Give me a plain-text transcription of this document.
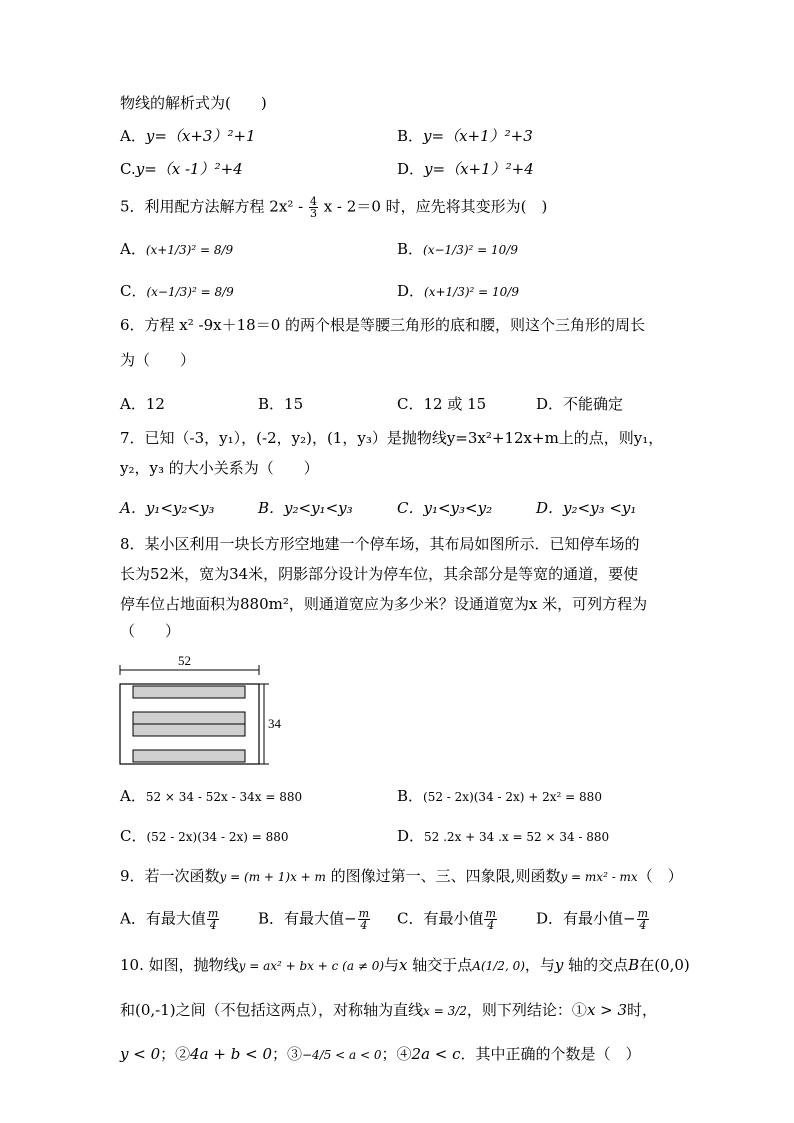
物线的解析式为(　　)
A．y=（x+3）²+1	B．y=（x+1）²+3
C.y=（x -1）²+4	D．y=（x+1）²+4
5．利用配方法解方程 $2x^2 - \frac{4}{3}$ x - 2＝0 时，应先将其变形为(　)
A．(x+1/3)² = 8/9	B．(x−1/3)² = 10/9
C．(x−1/3)² = 8/9	D．(x+1/3)² = 10/9
6．方程 x² -9x＋18＝0 的两个根是等腰三角形的底和腰，则这个三角形的周长
为（　　）
A．12	B．15	C．12 或 15	D．不能确定
7．已知（-3，y₁），(-2，y₂)，(1，y₃）是抛物线y=3x²+12x+m上的点，则y₁，
y₂，y₃ 的大小关系为（　　）
A．y₁<y₂<y₃	B．y₂<y₁<y₃	C．y₁<y₃<y₂	D．y₂<y₃ <y₁
8．某小区利用一块长方形空地建一个停车场，其布局如图所示．已知停车场的
长为52米，宽为34米，阴影部分设计为停车位，其余部分是等宽的通道，要使
停车位占地面积为880m²，则通道宽应为多少米？设通道宽为x 米，可列方程为
（　　）
52
34
A．52 × 34 - 52x - 34x = 880	B．(52 - 2x)(34 - 2x) + 2x² = 880
C．(52 - 2x)(34 - 2x) = 880	D．52 .2x + 34 .x = 52 × 34 - 880
9．若一次函数y = (m + 1)x + m 的图像过第一、三、四象限,则函数y = mx² - mx（　）
A．有最大值 $\frac{m}{4}$	B．有最大值− $\frac{m}{4}$ C．有最小值 $\frac{m}{4}$	D．有最小值− $\frac{m}{4}$
10. 如图，抛物线y = ax² + bx + c (a ≠ 0)与x 轴交于点A(1/2, 0)，与y 轴的交点B在(0,0)
和(0,-1)之间（不包括这两点），对称轴为直线x = 3/2，则下列结论：①x > 3时，
y < 0；②4a + b < 0；③−4/5 < a < 0；④2a < c．其中正确的个数是（　）
